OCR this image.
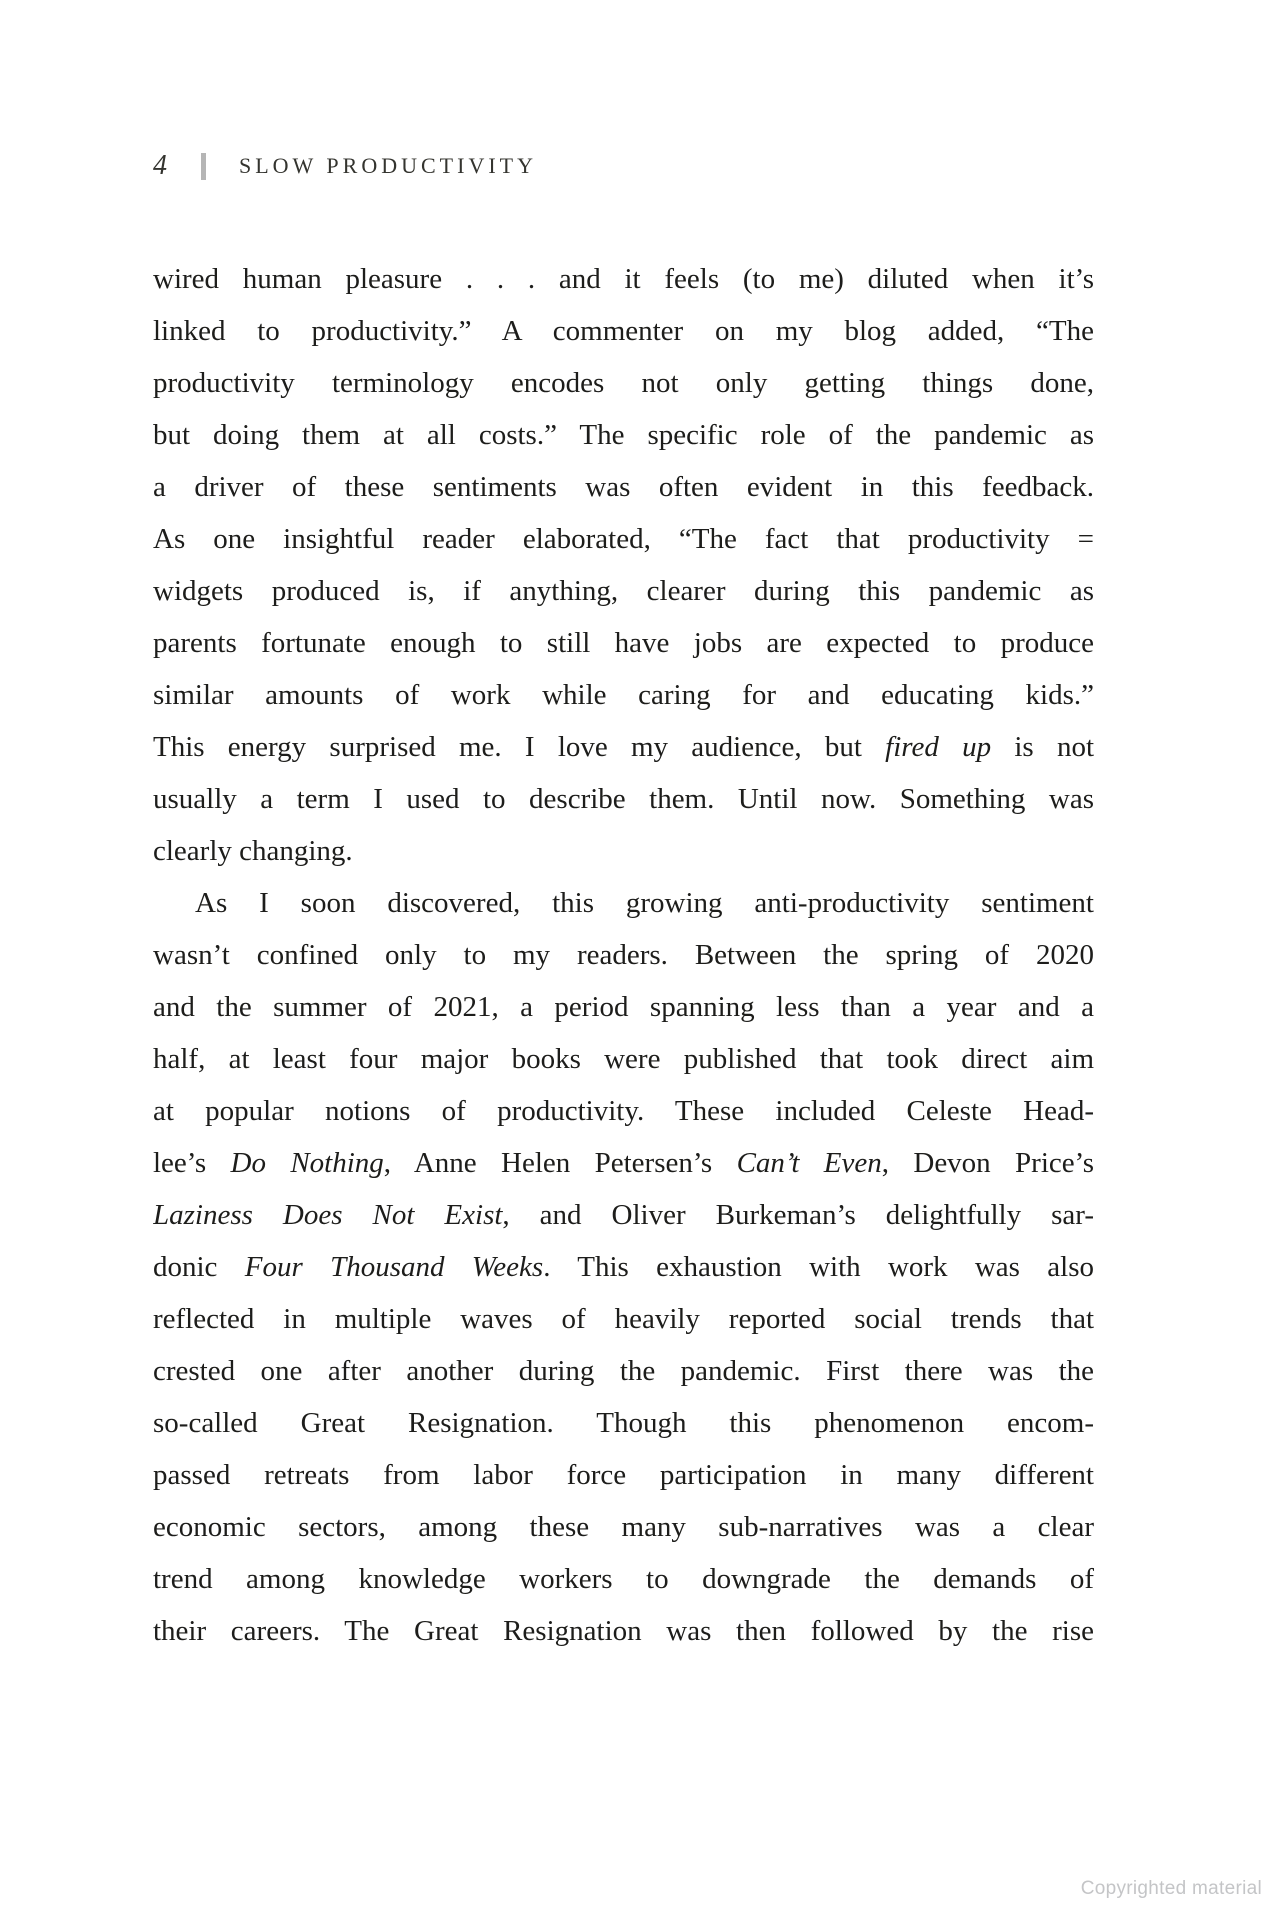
4	SLOW PRODUCTIVITY
wired human pleasure . . . and it feels (to me) diluted when it’s
linked to productivity.” A commenter on my blog added, “The
productivity terminology encodes not only getting things done,
but doing them at all costs.” The specific role of the pandemic as
a driver of these sentiments was often evident in this feedback.
As one insightful reader elaborated, “The fact that productivity =
widgets produced is, if anything, clearer during this pandemic as
parents fortunate enough to still have jobs are expected to produce
similar amounts of work while caring for and educating kids.”
This energy surprised me. I love my audience, but fired up is not
usually a term I used to describe them. Until now. Something was
clearly changing.
As I soon discovered, this growing anti-productivity sentiment
wasn’t confined only to my readers. Between the spring of 2020
and the summer of 2021, a period spanning less than a year and a
half, at least four major books were published that took direct aim
at popular notions of productivity. These included Celeste Head-
lee’s Do Nothing, Anne Helen Petersen’s Can’t Even, Devon Price’s
Laziness Does Not Exist, and Oliver Burkeman’s delightfully sar-
donic Four Thousand Weeks. This exhaustion with work was also
reflected in multiple waves of heavily reported social trends that
crested one after another during the pandemic. First there was the
so-called Great Resignation. Though this phenomenon encom-
passed retreats from labor force participation in many different
economic sectors, among these many sub-narratives was a clear
trend among knowledge workers to downgrade the demands of
their careers. The Great Resignation was then followed by the rise
Copyrighted material
